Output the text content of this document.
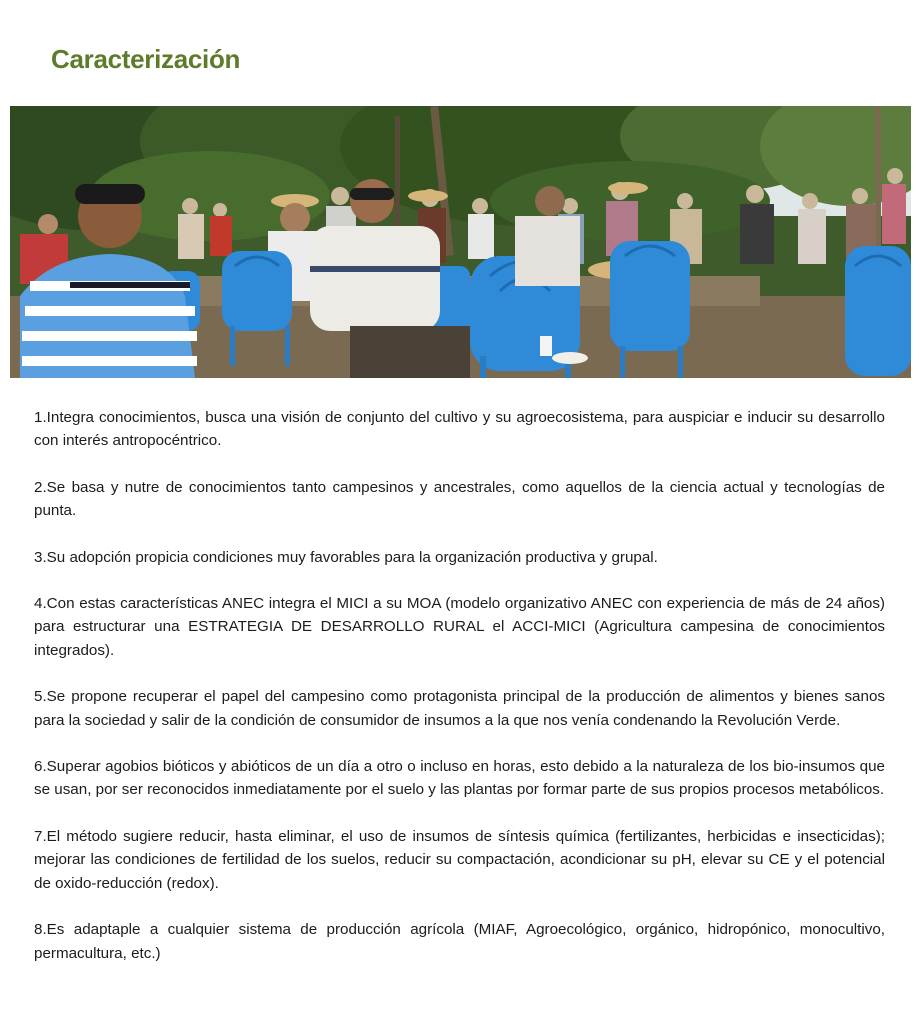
Caracterización

1.Integra conocimientos, busca una visión de conjunto del cultivo y su agroecosistema, para auspiciar e inducir su desarrollo con interés antropocéntrico.

2.Se basa y nutre de conocimientos tanto campesinos y ancestrales, como aquellos de la ciencia actual y tecnologías de punta.

3.Su adopción propicia condiciones muy favorables para la organización productiva y grupal.

4.Con estas características ANEC integra el MICI a su MOA (modelo organizativo ANEC con experiencia de más de 24 años) para estructurar una ESTRATEGIA DE DESARROLLO RURAL el ACCI-MICI (Agricultura campesina de conocimientos integrados).

5.Se propone recuperar el papel del campesino como protagonista principal de la producción de alimentos y bienes sanos para la sociedad y salir de la condición de consumidor de insumos a la que nos venía condenando la Revolución Verde.

6.Superar agobios bióticos y abióticos de un día a otro o incluso en horas, esto debido a la naturaleza de los bio-insumos que se usan, por ser reconocidos inmediatamente por el suelo y las plantas por formar parte de sus propios procesos metabólicos.

7.El método sugiere reducir, hasta eliminar, el uso de insumos de síntesis química (fertilizantes, herbicidas e insecticidas); mejorar las condiciones de fertilidad de los suelos, reducir su compactación, acondicionar su pH, elevar su CE y el potencial de oxido-reducción (redox).

8.Es adaptaple a cualquier sistema de producción agrícola (MIAF, Agroecológico, orgánico, hidropónico, monocultivo, permacultura, etc.)
